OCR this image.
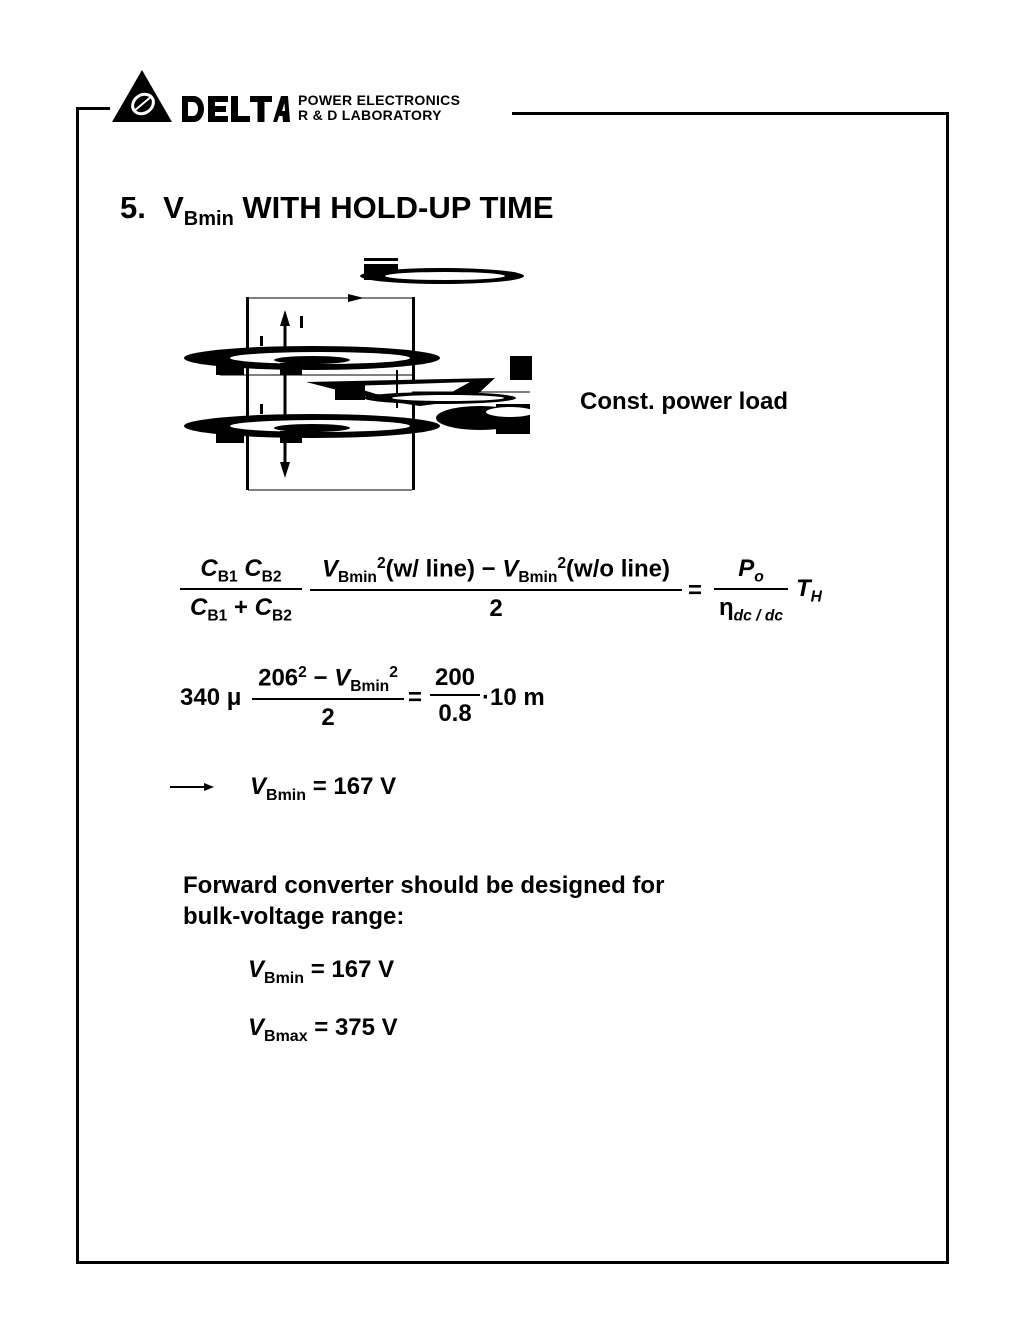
POWER ELECTRONICS
R & D LABORATORY
5. $V_{Bmin}$ WITH HOLD-UP TIME
Const. power load
$\frac{C_{B1} C_{B2}}{C_{B1} + C_{B2}} V_{Bmin}^2(w/$ line) − $V_{Bmin}^2(w/o$ line)
2
=
$P_o$
$\eta_{dc / dc}$
$T_H$
340 μ
$206^2 - V_{Bmin}^2$
2
= $\frac{200}{0.8} \cdot 10$ m
$V_{Bmin} = 167$ V
Forward converter should be designed for
bulk-voltage range:
$V_{Bmin} = 167$ V
$V_{Bmax} = 375$ V
